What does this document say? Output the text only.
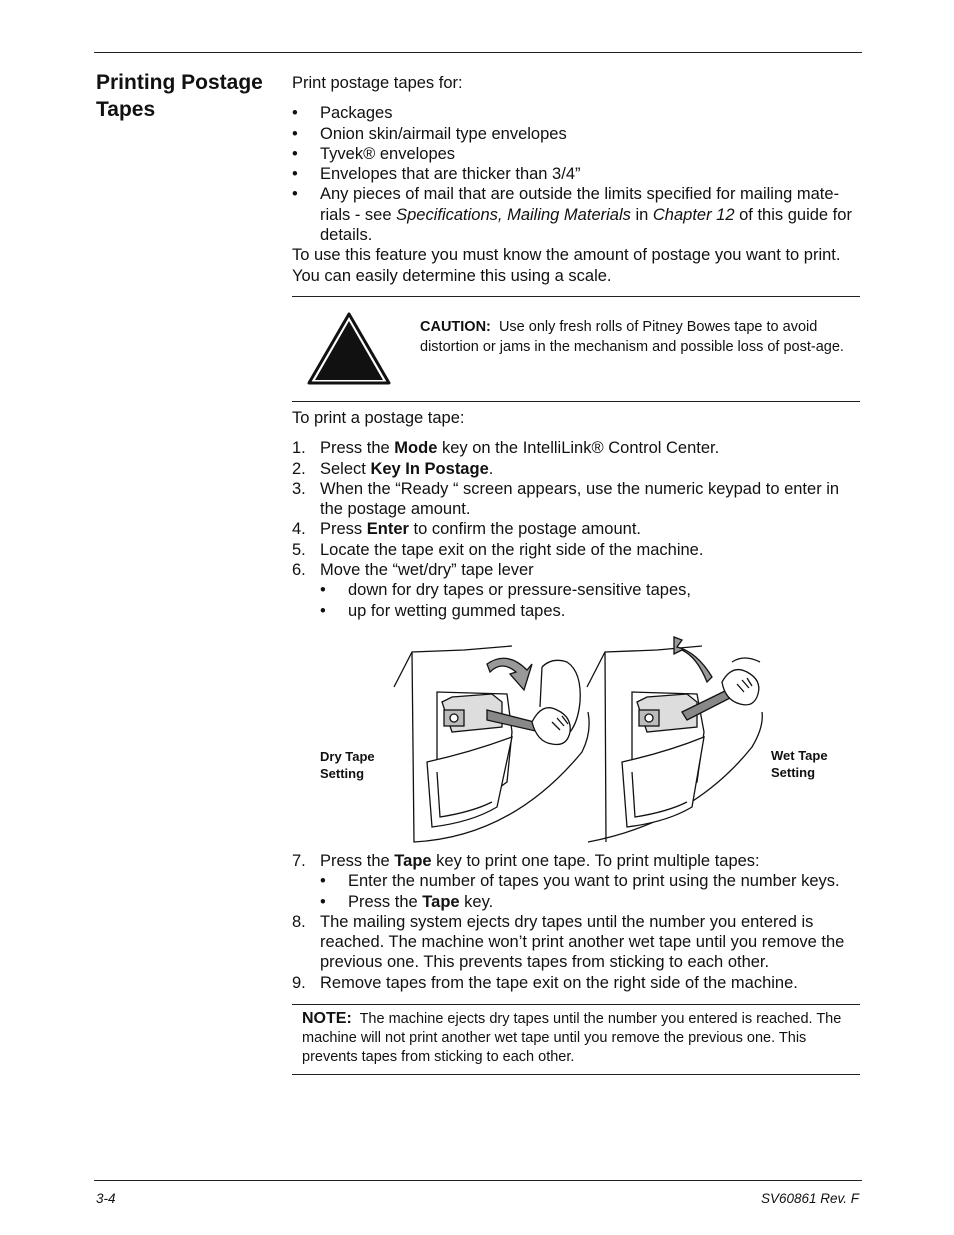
Printing Postage Tapes

Print postage tapes for:

• Packages
• Onion skin/airmail type envelopes
• Tyvek® envelopes
• Envelopes that are thicker than 3/4”
• Any pieces of mail that are outside the limits specified for mailing mate-rials - see Specifications, Mailing Materials in Chapter 12 of this guide for details.

To use this feature you must know the amount of postage you want to print. You can easily determine this using a scale.

CAUTION: Use only fresh rolls of Pitney Bowes tape to avoid distortion or jams in the mechanism and possible loss of post-age.

To print a postage tape:

1. Press the Mode key on the IntelliLink® Control Center.
2. Select Key In Postage.
3. When the “Ready “ screen appears, use the numeric keypad to enter in the postage amount.
4. Press Enter to confirm the postage amount.
5. Locate the tape exit on the right side of the machine.
6. Move the “wet/dry” tape lever
• down for dry tapes or pressure-sensitive tapes,
• up for wetting gummed tapes.
Dry Tape
Setting
Wet Tape
Setting
7. Press the Tape key to print one tape. To print multiple tapes:
• Enter the number of tapes you want to print using the number keys.
• Press the Tape key.
8. The mailing system ejects dry tapes until the number you entered is reached. The machine won’t print another wet tape until you remove the previous one. This prevents tapes from sticking to each other.
9. Remove tapes from the tape exit on the right side of the machine.
NOTE: The machine ejects dry tapes until the number you entered is reached. The machine will not print another wet tape until you remove the previous one. This prevents tapes from sticking to each other.
3-4	SV60861 Rev. F
